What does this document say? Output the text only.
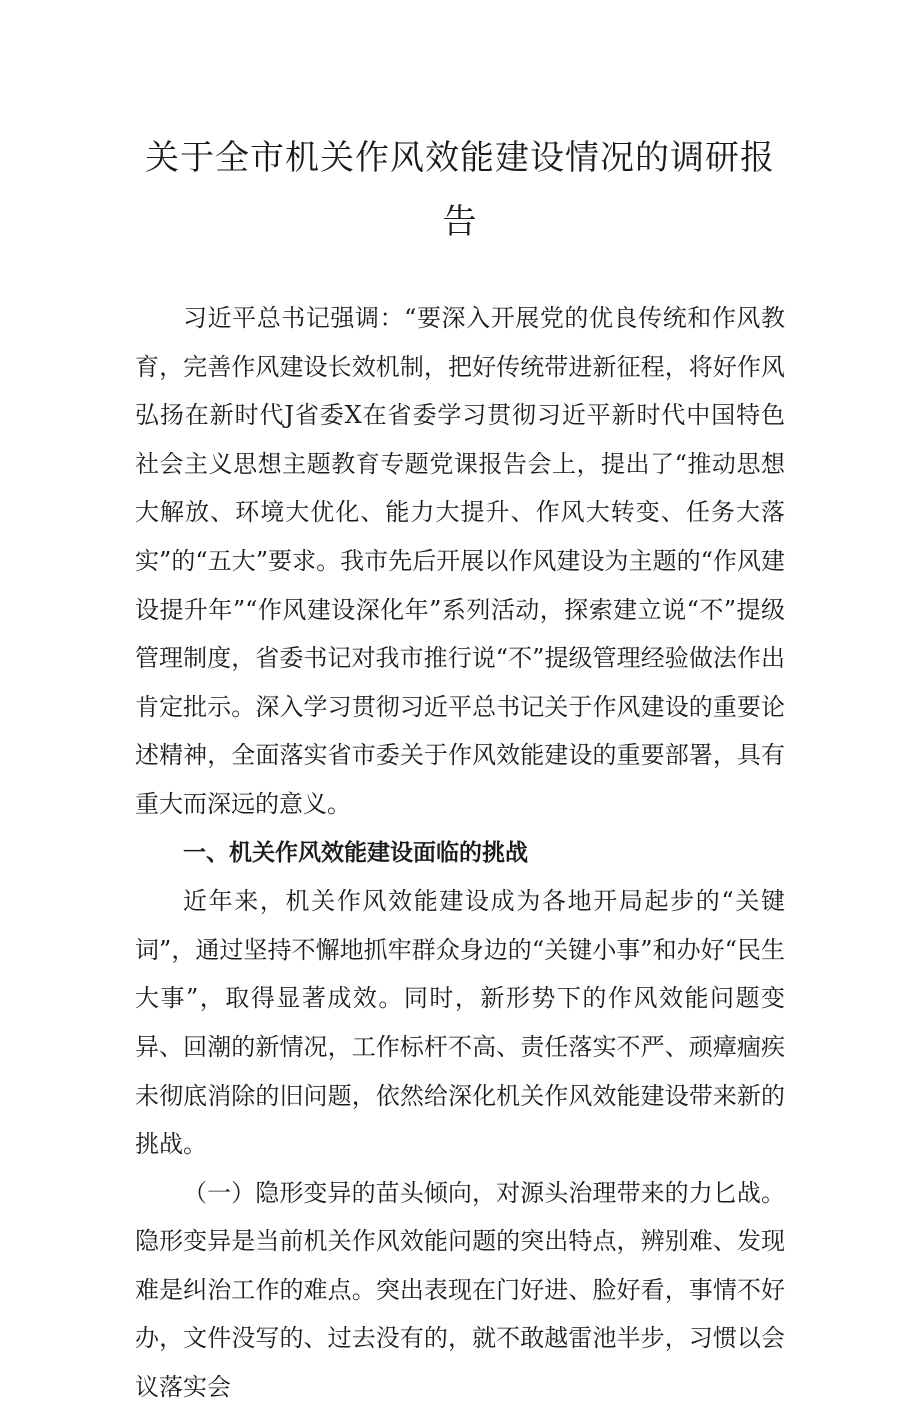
关于全市机关作风效能建设情况的调研报
告

习近平总书记强调：“要深入开展党的优良传统和作风教育，完善作风建设长效机制，把好传统带进新征程，将好作风弘扬在新时代J省委X在省委学习贯彻习近平新时代中国特色社会主义思想主题教育专题党课报告会上，提出了“推动思想大解放、环境大优化、能力大提升、作风大转变、任务大落实”的“五大”要求。我市先后开展以作风建设为主题的“作风建设提升年”“作风建设深化年”系列活动，探索建立说“不”提级管理制度，省委书记对我市推行说“不”提级管理经验做法作出肯定批示。深入学习贯彻习近平总书记关于作风建设的重要论述精神，全面落实省市委关于作风效能建设的重要部署，具有重大而深远的意义。

一、机关作风效能建设面临的挑战

近年来，机关作风效能建设成为各地开局起步的“关键词”，通过坚持不懈地抓牢群众身边的“关键小事”和办好“民生大事”，取得显著成效。同时，新形势下的作风效能问题变异、回潮的新情况，工作标杆不高、责任落实不严、顽瘴痼疾未彻底消除的旧问题，依然给深化机关作风效能建设带来新的挑战。

（一）隐形变异的苗头倾向，对源头治理带来的力匕战。隐形变异是当前机关作风效能问题的突出特点，辨别难、发现难是纠治工作的难点。突出表现在门好进、脸好看，事情不好办，文件没写的、过去没有的，就不敢越雷池半步，习惯以会议落实会
